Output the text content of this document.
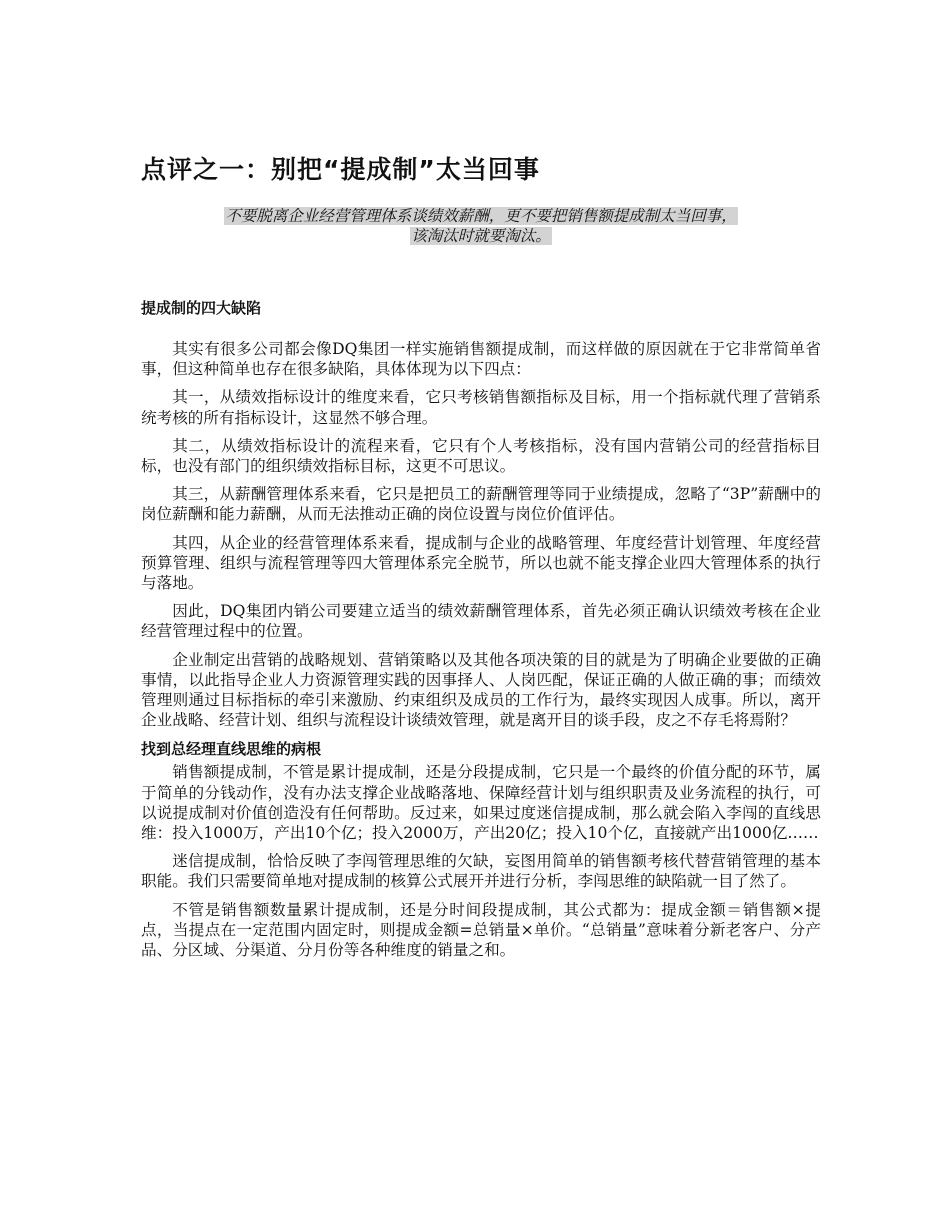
点评之一：别把“提成制”太当回事
不要脱离企业经营管理体系谈绩效薪酬，更不要把销售额提成制太当回事，
该淘汰时就要淘汰。
提成制的四大缺陷

其实有很多公司都会像DQ集团一样实施销售额提成制，而这样做的原因就在于它非常简单省事，但这种简单也存在很多缺陷，具体体现为以下四点：

其一，从绩效指标设计的维度来看，它只考核销售额指标及目标，用一个指标就代理了营销系统考核的所有指标设计，这显然不够合理。

其二，从绩效指标设计的流程来看，它只有个人考核指标，没有国内营销公司的经营指标目标，也没有部门的组织绩效指标目标，这更不可思议。

其三，从薪酬管理体系来看，它只是把员工的薪酬管理等同于业绩提成，忽略了“3P”薪酬中的岗位薪酬和能力薪酬，从而无法推动正确的岗位设置与岗位价值评估。

其四，从企业的经营管理体系来看，提成制与企业的战略管理、年度经营计划管理、年度经营预算管理、组织与流程管理等四大管理体系完全脱节，所以也就不能支撑企业四大管理体系的执行与落地。

因此，DQ集团内销公司要建立适当的绩效薪酬管理体系，首先必须正确认识绩效考核在企业经营管理过程中的位置。

企业制定出营销的战略规划、营销策略以及其他各项决策的目的就是为了明确企业要做的正确事情，以此指导企业人力资源管理实践的因事择人、人岗匹配，保证正确的人做正确的事；而绩效管理则通过目标指标的牵引来激励、约束组织及成员的工作行为，最终实现因人成事。所以，离开企业战略、经营计划、组织与流程设计谈绩效管理，就是离开目的谈手段，皮之不存毛将焉附？

找到总经理直线思维的病根

销售额提成制，不管是累计提成制，还是分段提成制，它只是一个最终的价值分配的环节，属于简单的分钱动作，没有办法支撑企业战略落地、保障经营计划与组织职责及业务流程的执行，可以说提成制对价值创造没有任何帮助。反过来，如果过度迷信提成制，那么就会陷入李闯的直线思维：投入1000万，产出10个亿；投入2000万，产出20亿；投入10个亿，直接就产出1000亿……

迷信提成制，恰恰反映了李闯管理思维的欠缺，妄图用简单的销售额考核代替营销管理的基本职能。我们只需要简单地对提成制的核算公式展开并进行分析，李闯思维的缺陷就一目了然了。

不管是销售额数量累计提成制，还是分时间段提成制，其公式都为：提成金额＝销售额×提点，当提点在一定范围内固定时，则提成金额=总销量×单价。“总销量”意味着分新老客户、分产品、分区域、分渠道、分月份等各种维度的销量之和。
